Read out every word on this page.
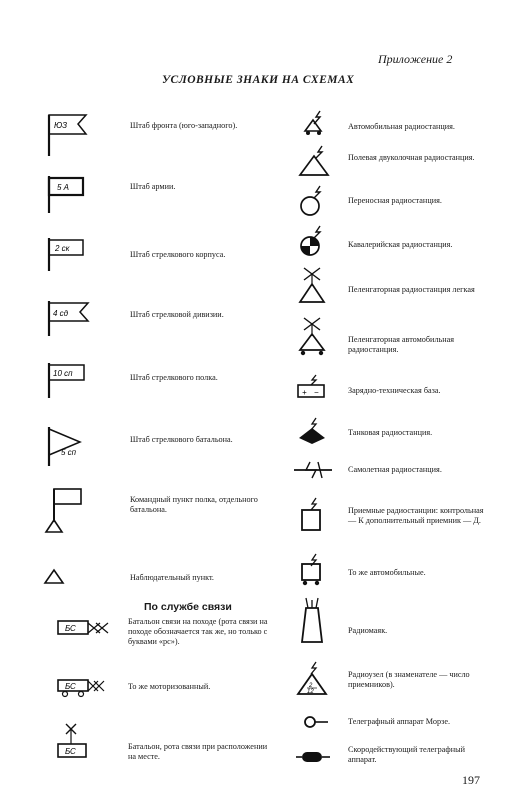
Приложение 2
УСЛОВНЫЕ ЗНАКИ НА СХЕМАХ
ЮЗ	Штаб фронта (юго-западного).
5 А	Штаб армии.
2 ск
Штаб стрелкового корпуса.
4 сд	Штаб стрелковой дивизии.
10 сп	Штаб стрелкового полка.
5 сп
Штаб стрелкового батальона.
Командный пункт полка, отдельного батальона.
Наблюдательный пункт.
По службе связи
БС
Батальон связи на походе (рота связи на походе обозначается так же, но только с буквами «рс»).
БС	То же моторизованный.
БС
Батальон, рота связи при расположении на месте.
Автомобильная радиостанция.
Полевая двуколочная радиостанция.
Переносная радиостанция.
Кавалерийская радиостанция.
Пеленгаторная радиостанция легкая
Пеленгаторная автомобильная радиостанция.
+ −	Зарядно-техническая база.
Танковая радиостанция.
Самолетная радиостанция.
Приемные радиостанции: контрольная — К дополнительный приемник — Д.
То же автомобильные.
Радиомаяк.
2
12
Радиоузел (в знаменателе — число приемников).
Телеграфный аппарат Морзе.
Скородействующий телеграфный аппарат.
197
